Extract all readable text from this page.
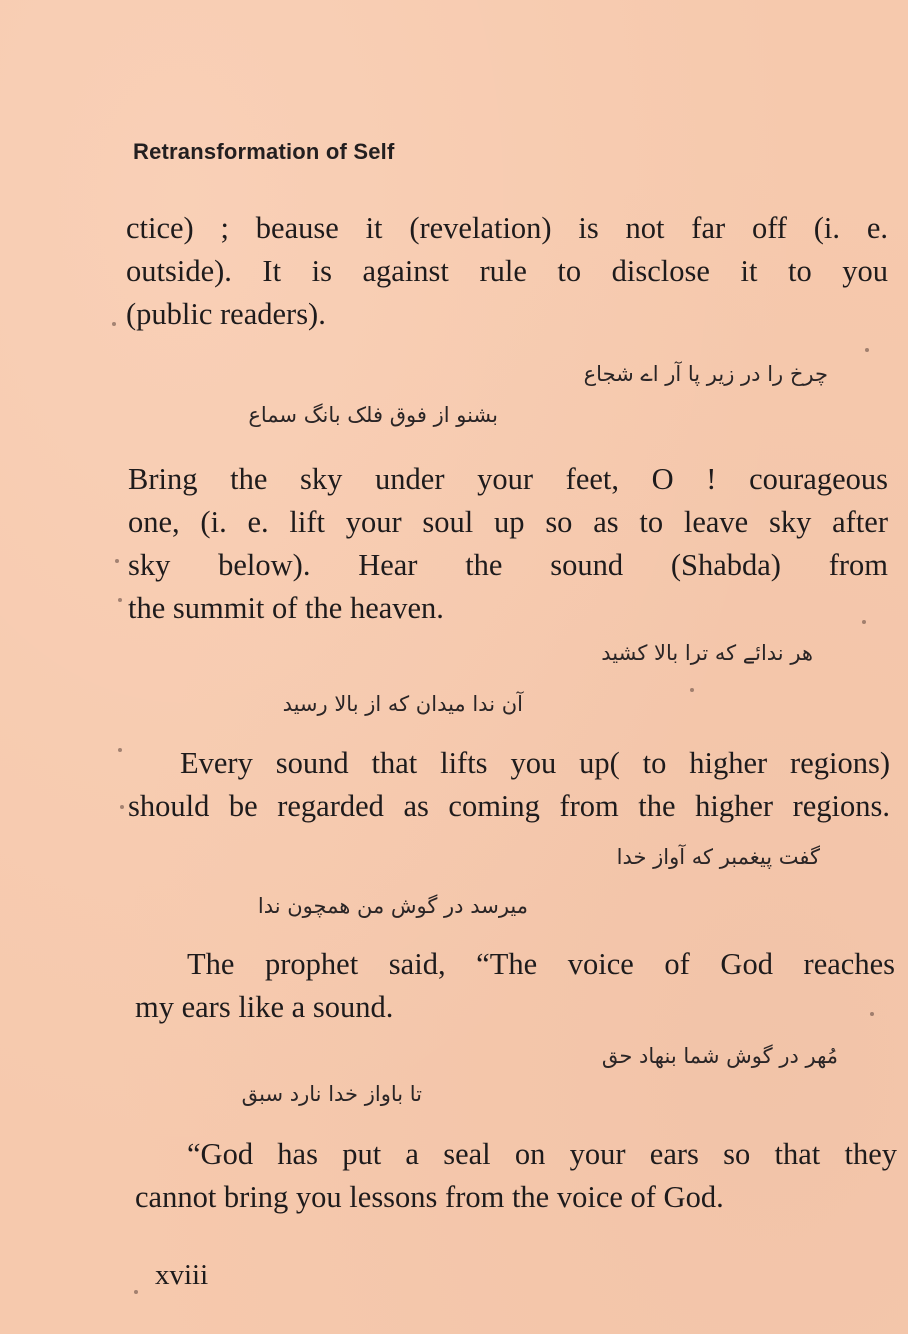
Retransformation of Self
ctice) ; beause it (revelation) is not far off (i. e.
outside). It is against rule to disclose it to you
(public readers).
چرخ را در زیر پا آر اے شجاع
بشنو از فوق فلک بانگ سماع
Bring the sky under your feet, O ! courageous
one, (i. e. lift your soul up so as to leave sky after
sky below). Hear the sound (Shabda) from
the summit of the heaven.
هر ندائے که ترا بالا کشید
آن ندا میدان که از بالا رسید
Every sound that lifts you up( to higher regions)
should be regarded as coming from the higher regions.
گفت پیغمبر که آواز خدا
میرسد در گوش من همچون ندا
The prophet said, “The voice of God reaches
my ears like a sound.
مُهر در گوش شما بنهاد حق
تا باواز خدا نارد سبق
“God has put a seal on your ears so that they
cannot bring you lessons from the voice of God.
xviii
